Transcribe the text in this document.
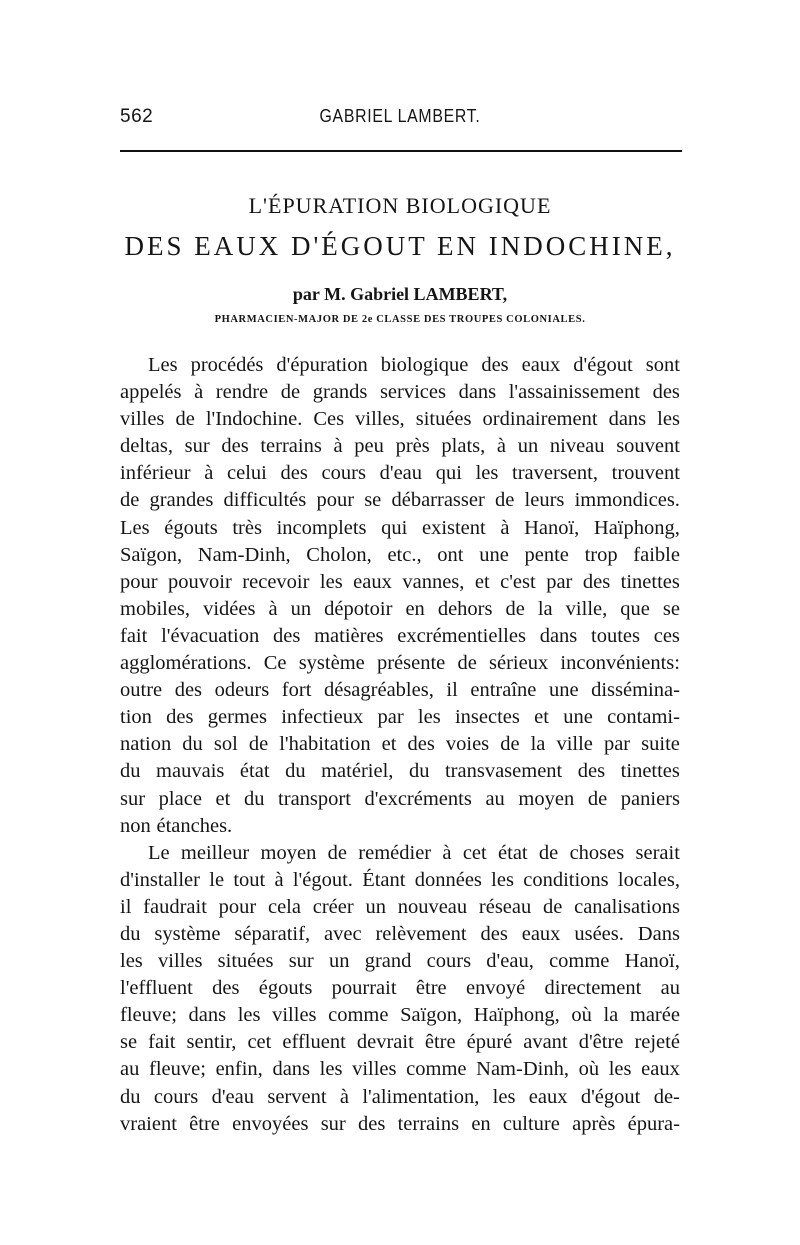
562	GABRIEL LAMBERT.
L'ÉPURATION BIOLOGIQUE
DES EAUX D'ÉGOUT EN INDOCHINE,
par M. Gabriel LAMBERT,
PHARMACIEN-MAJOR DE 2e CLASSE DES TROUPES COLONIALES.
Les procédés d'épuration biologique des eaux d'égout sont
appelés à rendre de grands services dans l'assainissement des
villes de l'Indochine. Ces villes, situées ordinairement dans les
deltas, sur des terrains à peu près plats, à un niveau souvent
inférieur à celui des cours d'eau qui les traversent, trouvent
de grandes difficultés pour se débarrasser de leurs immondices.
Les égouts très incomplets qui existent à Hanoï, Haïphong,
Saïgon, Nam-Dinh, Cholon, etc., ont une pente trop faible
pour pouvoir recevoir les eaux vannes, et c'est par des tinettes
mobiles, vidées à un dépotoir en dehors de la ville, que se
fait l'évacuation des matières excrémentielles dans toutes ces
agglomérations. Ce système présente de sérieux inconvénients:
outre des odeurs fort désagréables, il entraîne une dissémina-
tion des germes infectieux par les insectes et une contami-
nation du sol de l'habitation et des voies de la ville par suite
du mauvais état du matériel, du transvasement des tinettes
sur place et du transport d'excréments au moyen de paniers
non étanches.
Le meilleur moyen de remédier à cet état de choses serait
d'installer le tout à l'égout. Étant données les conditions locales,
il faudrait pour cela créer un nouveau réseau de canalisations
du système séparatif, avec relèvement des eaux usées. Dans
les villes situées sur un grand cours d'eau, comme Hanoï,
l'effluent des égouts pourrait être envoyé directement au
fleuve; dans les villes comme Saïgon, Haïphong, où la marée
se fait sentir, cet effluent devrait être épuré avant d'être rejeté
au fleuve; enfin, dans les villes comme Nam-Dinh, où les eaux
du cours d'eau servent à l'alimentation, les eaux d'égout de-
vraient être envoyées sur des terrains en culture après épura-
